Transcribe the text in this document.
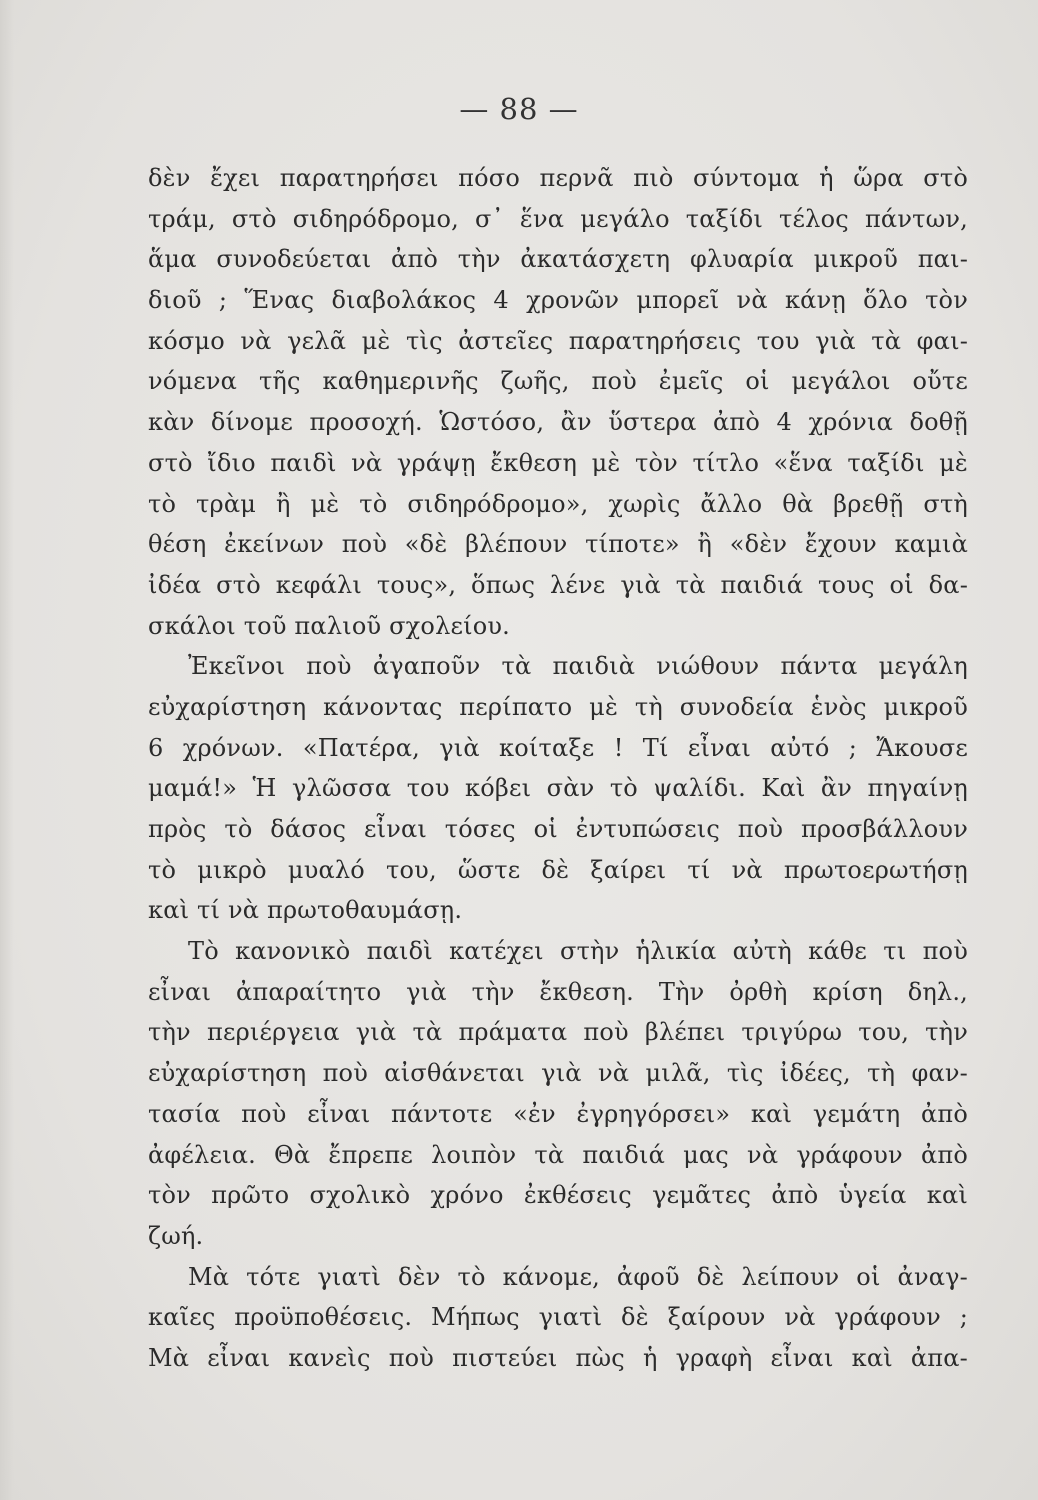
— 88 —
δὲν ἔχει παρατηρήσει πόσο περνᾶ πιὸ σύντομα ἡ ὥρα στὸ
τράμ, στὸ σιδηρόδρομο, σ᾽ ἕνα μεγάλο ταξίδι τέλος πάντων,
ἅμα συνοδεύεται ἀπὸ τὴν ἀκατάσχετη φλυαρία μικροῦ παι-
διοῦ ; Ἕνας διαβολάκος 4 χρονῶν μπορεῖ νὰ κάνῃ ὅλο τὸν
κόσμο νὰ γελᾶ μὲ τὶς ἀστεῖες παρατηρήσεις του γιὰ τὰ φαι-
νόμενα τῆς καθημερινῆς ζωῆς, ποὺ ἐμεῖς οἱ μεγάλοι οὔτε
κὰν δίνομε προσοχή. Ὡστόσο, ἂν ὕστερα ἀπὸ 4 χρόνια δοθῇ
στὸ ἴδιο παιδὶ νὰ γράψῃ ἔκθεση μὲ τὸν τίτλο «ἕνα ταξίδι μὲ
τὸ τρὰμ ἢ μὲ τὸ σιδηρόδρομο», χωρὶς ἄλλο θὰ βρεθῇ στὴ
θέση ἐκείνων ποὺ «δὲ βλέπουν τίποτε» ἢ «δὲν ἔχουν καμιὰ
ἰδέα στὸ κεφάλι τους», ὅπως λένε γιὰ τὰ παιδιά τους οἱ δα-
σκάλοι τοῦ παλιοῦ σχολείου.
Ἐκεῖνοι ποὺ ἀγαποῦν τὰ παιδιὰ νιώθουν πάντα μεγάλη
εὐχαρίστηση κάνοντας περίπατο μὲ τὴ συνοδεία ἑνὸς μικροῦ
6 χρόνων. «Πατέρα, γιὰ κοίταξε ! Τί εἶναι αὐτό ; Ἄκουσε
μαμά!» Ἡ γλῶσσα του κόβει σὰν τὸ ψαλίδι. Καὶ ἂν πηγαίνῃ
πρὸς τὸ δάσος εἶναι τόσες οἱ ἐντυπώσεις ποὺ προσβάλλουν
τὸ μικρὸ μυαλό του, ὥστε δὲ ξαίρει τί νὰ πρωτοερωτήσῃ
καὶ τί νὰ πρωτοθαυμάσῃ.
Τὸ κανονικὸ παιδὶ κατέχει στὴν ἡλικία αὐτὴ κάθε τι ποὺ
εἶναι ἀπαραίτητο γιὰ τὴν ἔκθεση. Τὴν ὀρθὴ κρίση δηλ.,
τὴν περιέργεια γιὰ τὰ πράματα ποὺ βλέπει τριγύρω του, τὴν
εὐχαρίστηση ποὺ αἰσθάνεται γιὰ νὰ μιλᾶ, τὶς ἰδέες, τὴ φαν-
τασία ποὺ εἶναι πάντοτε «ἐν ἐγρηγόρσει» καὶ γεμάτη ἀπὸ
ἀφέλεια. Θὰ ἔπρεπε λοιπὸν τὰ παιδιά μας νὰ γράφουν ἀπὸ
τὸν πρῶτο σχολικὸ χρόνο ἐκθέσεις γεμᾶτες ἀπὸ ὑγεία καὶ
ζωή.
Μὰ τότε γιατὶ δὲν τὸ κάνομε, ἀφοῦ δὲ λείπουν οἱ ἀναγ-
καῖες προϋποθέσεις. Μήπως γιατὶ δὲ ξαίρουν νὰ γράφουν ;
Μὰ εἶναι κανεὶς ποὺ πιστεύει πὼς ἡ γραφὴ εἶναι καὶ ἀπα-
